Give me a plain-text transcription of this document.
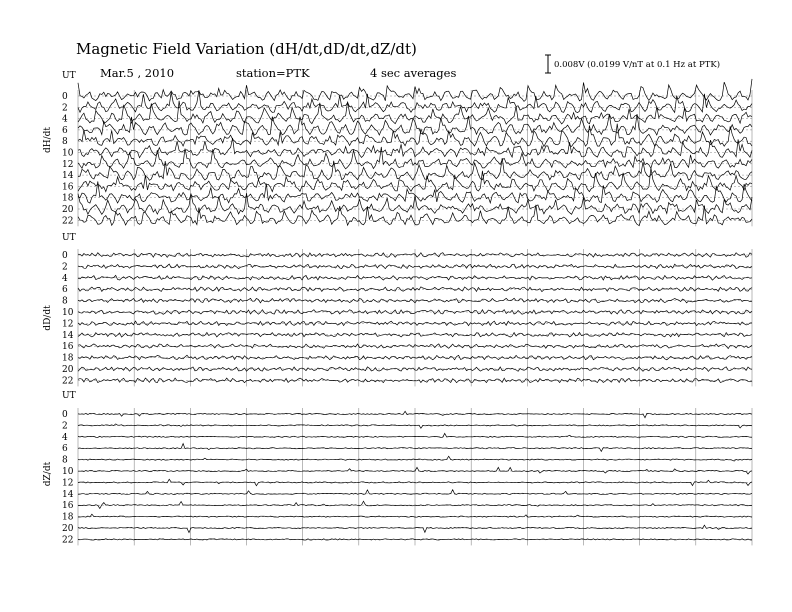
Magnetic Field Variation (dH/dt,dD/dt,dZ/dt)
Mar.5 , 2010	station=PTK	4 sec averages
0.008V (0.0199 V/nT at 0.1 Hz at PTK)
UT
dH/dt
0
2
4
6
8
10
12
14
16
18
20
22
UT
dD/dt
0
2
4
6
8
10
12
14
16
18
20
22
UT
dZ/dt
0
2
4
6
8
10
12
14
16
18
20
22
